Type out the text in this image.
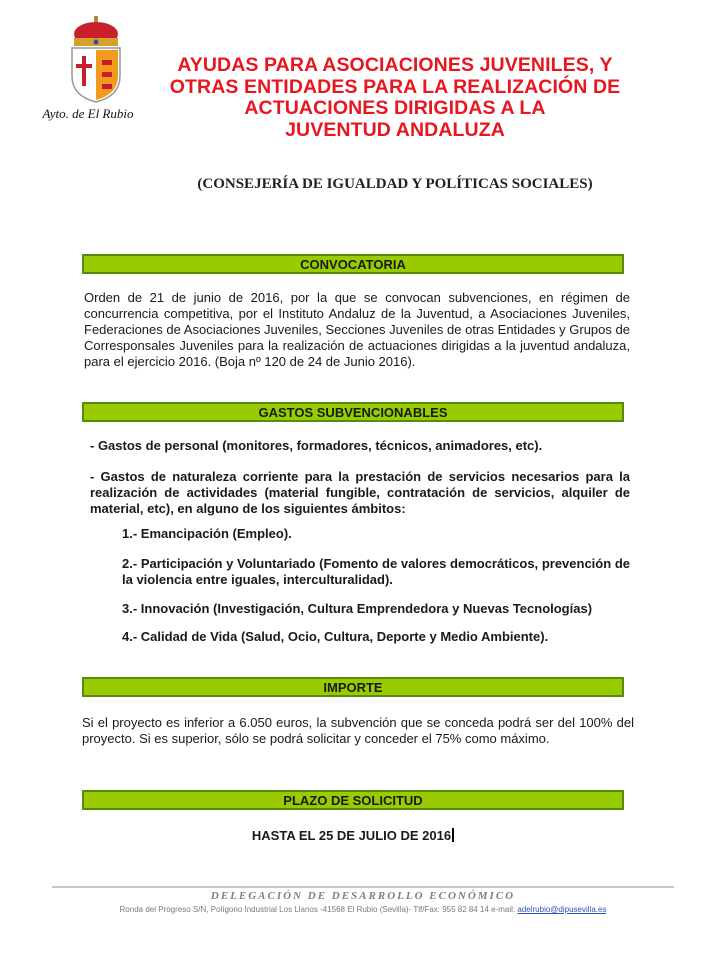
Ayto. de El Rubio
AYUDAS PARA ASOCIACIONES JUVENILES, Y
OTRAS ENTIDADES PARA LA REALIZACIÓN DE
ACTUACIONES DIRIGIDAS A LA
JUVENTUD ANDALUZA
(CONSEJERÍA DE IGUALDAD Y POLÍTICAS SOCIALES)
CONVOCATORIA
Orden de 21 de junio de 2016, por la que se convocan subvenciones, en régimen de concurrencia competitiva, por el Instituto Andaluz de la Juventud, a Asociaciones Juveniles, Federaciones de Asociaciones Juveniles, Secciones Juveniles de otras Entidades y Grupos de Corresponsales Juveniles para la realización de actuaciones dirigidas a la juventud andaluza, para el ejercicio 2016. (Boja nº 120 de 24 de Junio 2016).
GASTOS SUBVENCIONABLES
- Gastos de personal (monitores, formadores, técnicos, animadores, etc).
- Gastos de naturaleza corriente para la prestación de servicios necesarios para la realización de actividades (material fungible, contratación de servicios, alquiler de material, etc), en alguno de los siguientes ámbitos:
1.- Emancipación (Empleo).
2.- Participación y Voluntariado (Fomento de valores democráticos, prevención de la violencia entre iguales, interculturalidad).
3.- Innovación (Investigación, Cultura Emprendedora y Nuevas Tecnologías)
4.- Calidad de Vida (Salud, Ocio, Cultura, Deporte y Medio Ambiente).
IMPORTE
Si el proyecto es inferior a 6.050 euros, la subvención que se conceda podrá ser del 100% del proyecto. Si es superior, sólo se podrá solicitar y conceder el 75% como máximo.
PLAZO DE SOLICITUD
HASTA EL 25 DE JULIO DE 2016
DELEGACIÓN DE DESARROLLO ECONÓMICO
Ronda del Progreso S/N, Polígono Industrial Los Llanos -41568 El Rubio (Sevilla)- Tlf/Fax: 955 82 84 14 e-mail: adelrubio@dipusevilla.es
